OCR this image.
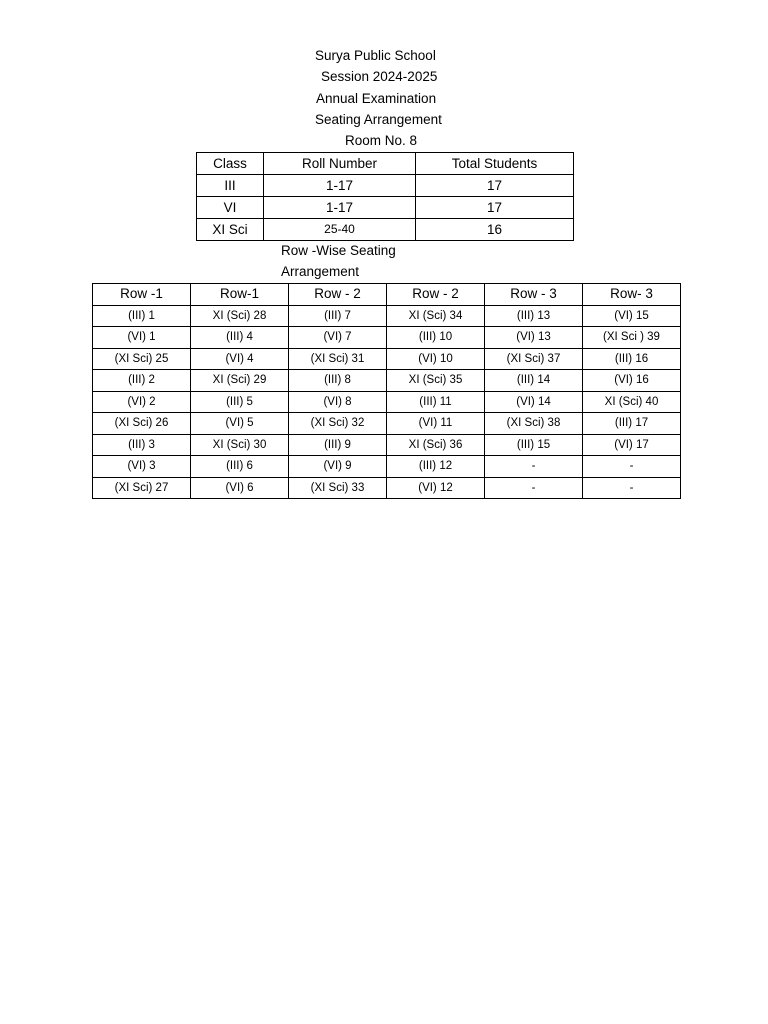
Surya Public School
Session 2024-2025
Annual Examination
Seating Arrangement
Room No. 8
Class	Roll Number	Total Students
III	1-17	17
VI	1-17	17
XI Sci	25-40	16
Row -Wise Seating
Arrangement
Row -1	Row-1	Row - 2	Row - 2	Row - 3	Row- 3
(III) 1	XI (Sci) 28	(III) 7	XI (Sci) 34	(III) 13	(VI) 15
(VI) 1	(III) 4	(VI) 7	(III) 10	(VI) 13	(XI Sci ) 39
(XI Sci) 25	(VI) 4	(XI Sci) 31	(VI) 10	(XI Sci) 37	(III) 16
(III) 2	XI (Sci) 29	(III) 8	XI (Sci) 35	(III) 14	(VI) 16
(VI) 2	(III) 5	(VI) 8	(III) 11	(VI) 14	XI (Sci) 40
(XI Sci) 26	(VI) 5	(XI Sci) 32	(VI) 11	(XI Sci) 38	(III) 17
(III) 3	XI (Sci) 30	(III) 9	XI (Sci) 36	(III) 15	(VI) 17
(VI) 3	(III) 6	(VI) 9	(III) 12	-	-
(XI Sci) 27	(VI) 6	(XI Sci) 33	(VI) 12	-	-
